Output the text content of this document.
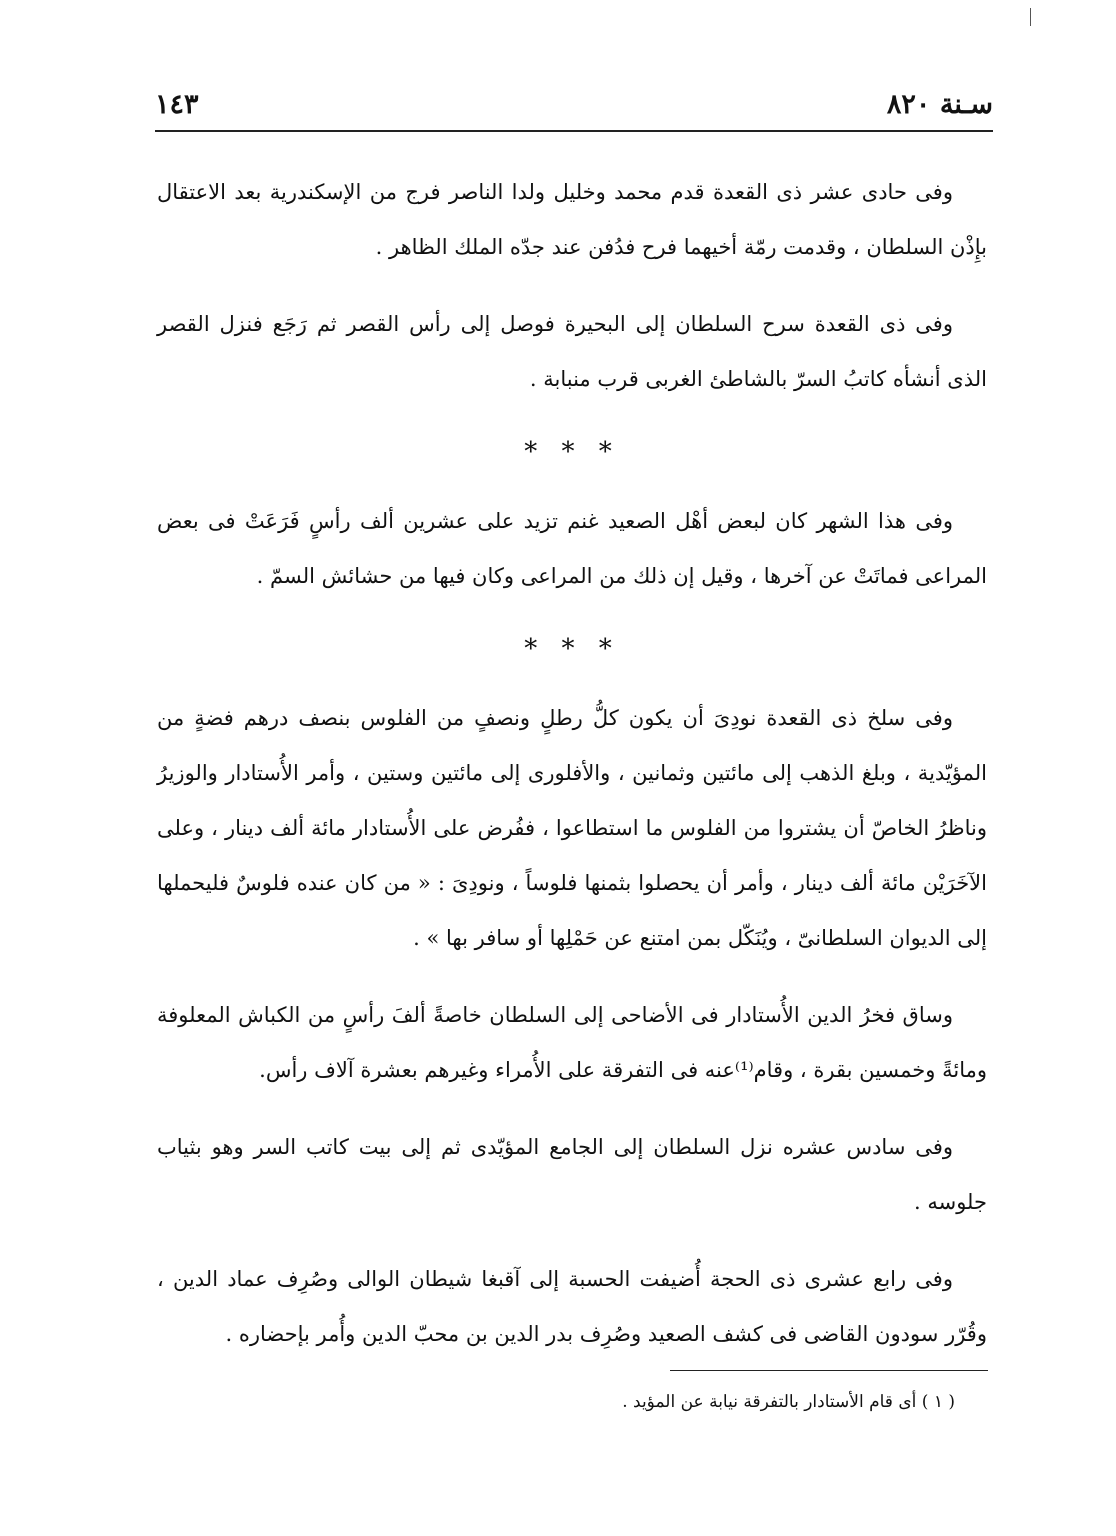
سـنة ٨٢٠
١٤٣

وفى حادى عشر ذى القعدة قدم محمد وخليل ولدا الناصر فرج من الإسكندرية بعد الاعتقال بإِذْن السلطان ، وقدمت رمّة أخيهما فرح فدُفن عند جدّه الملك الظاهر .

وفى ذى القعدة سرح السلطان إلى البحيرة فوصل إلى رأس القصر ثم رَجَع فنزل القصر الذى أنشأه كاتبُ السرّ بالشاطئ الغربى قرب منبابة .

* * *

وفى هذا الشهر كان لبعض أهْل الصعيد غنم تزيد على عشرين ألف رأسٍ فَرَعَتْ فى بعض المراعى فماتَتْ عن آخرها ، وقيل إن ذلك من المراعى وكان فيها من حشائش السمّ .

* * *

وفى سلخ ذى القعدة نودِىَ أن يكون كلُّ رطلٍ ونصفٍ من الفلوس بنصف درهم فضةٍ من المؤيّدية ، وبلغ الذهب إلى مائتين وثمانين ، والأفلورى إلى مائتين وستين ، وأمر الأُستادار والوزيرُ وناظرُ الخاصّ أن يشتروا من الفلوس ما استطاعوا ، ففُرض على الأُستادار مائة ألف دينار ، وعلى الآخَرَيْن مائة ألف دينار ، وأمر أن يحصلوا بثمنها فلوساً ، ونودِىَ : « من كان عنده فلوسٌ فليحملها إلى الديوان السلطانىّ ، ويُنَكّل بمن امتنع عن حَمْلِها أو سافر بها » .

وساق فخرُ الدين الأُستادار فى الأضاحى إلى السلطان خاصةً ألفَ رأسٍ من الكباش المعلوفة ومائةً وخمسين بقرة ، وقام⁽¹⁾عنه فى التفرقة على الأُمراء وغيرهم بعشرة آلاف رأس.

وفى سادس عشره نزل السلطان إلى الجامع المؤيّدى ثم إلى بيت كاتب السر وهو بثياب جلوسه .

وفى رابع عشرى ذى الحجة أُضيفت الحسبة إلى آقبغا شيطان الوالى وصُرِف عماد الدين ، وقُرّر سودون القاضى فى كشف الصعيد وصُرِف بدر الدين بن محبّ الدين وأُمر بإحضاره .

( ١ ) أى قام الأستادار بالتفرقة نيابة عن المؤيد .
